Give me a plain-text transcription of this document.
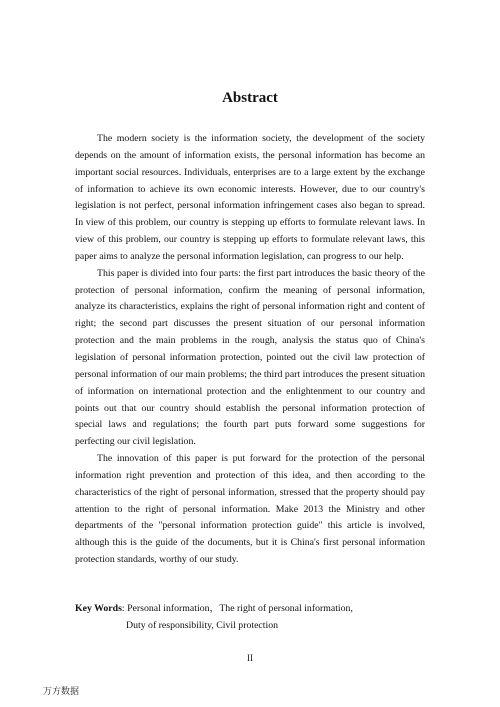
Abstract

The modern society is the information society, the development of the society depends on the amount of information exists, the personal information has become an important social resources. Individuals, enterprises are to a large extent by the exchange of information to achieve its own economic interests. However, due to our country's legislation is not perfect, personal information infringement cases also began to spread. In view of this problem, our country is stepping up efforts to formulate relevant laws. In view of this problem, our country is stepping up efforts to formulate relevant laws, this paper aims to analyze the personal information legislation, can progress to our help.

This paper is divided into four parts: the first part introduces the basic theory of the protection of personal information, confirm the meaning of personal information, analyze its characteristics, explains the right of personal information right and content of right; the second part discusses the present situation of our personal information protection and the main problems in the rough, analysis the status quo of China's legislation of personal information protection, pointed out the civil law protection of personal information of our main problems; the third part introduces the present situation of information on international protection and the enlightenment to our country and points out that our country should establish the personal information protection of special laws and regulations; the fourth part puts forward some suggestions for perfecting our civil legislation.

The innovation of this paper is put forward for the protection of the personal information right prevention and protection of this idea, and then according to the characteristics of the right of personal information, stressed that the property should pay attention to the right of personal information. Make 2013 the Ministry and other departments of the "personal information protection guide" this article is involved, although this is the guide of the documents, but it is China's first personal information protection standards, worthy of our study.

Key Words: Personal information，The right of personal information,
Duty of responsibility, Civil protection
II
万方数据
